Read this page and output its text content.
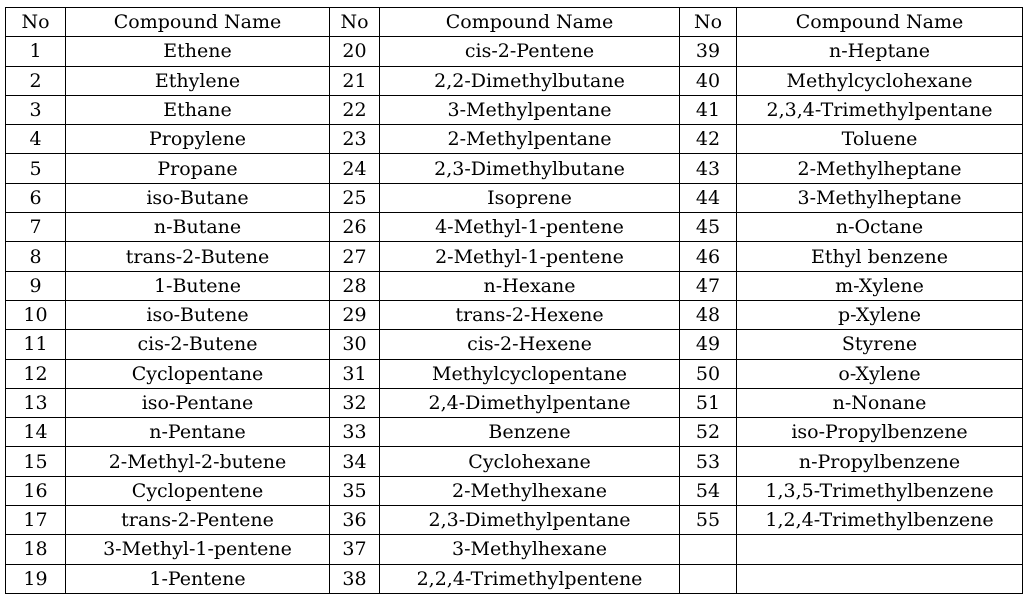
No	Compound Name	No	Compound Name	No	Compound Name
1	Ethene	20	cis-2-Pentene	39	n-Heptane
2	Ethylene	21	2,2-Dimethylbutane	40	Methylcyclohexane
3	Ethane	22	3-Methylpentane	41	2,3,4-Trimethylpentane
4	Propylene	23	2-Methylpentane	42	Toluene
5	Propane	24	2,3-Dimethylbutane	43	2-Methylheptane
6	iso-Butane	25	Isoprene	44	3-Methylheptane
7	n-Butane	26	4-Methyl-1-pentene	45	n-Octane
8	trans-2-Butene	27	2-Methyl-1-pentene	46	Ethyl benzene
9	1-Butene	28	n-Hexane	47	m-Xylene
10	iso-Butene	29	trans-2-Hexene	48	p-Xylene
11	cis-2-Butene	30	cis-2-Hexene	49	Styrene
12	Cyclopentane	31	Methylcyclopentane	50	o-Xylene
13	iso-Pentane	32	2,4-Dimethylpentane	51	n-Nonane
14	n-Pentane	33	Benzene	52	iso-Propylbenzene
15	2-Methyl-2-butene	34	Cyclohexane	53	n-Propylbenzene
16	Cyclopentene	35	2-Methylhexane	54	1,3,5-Trimethylbenzene
17	trans-2-Pentene	36	2,3-Dimethylpentane	55	1,2,4-Trimethylbenzene
18	3-Methyl-1-pentene	37	3-Methylhexane		
19	1-Pentene	38	2,2,4-Trimethylpentene		
